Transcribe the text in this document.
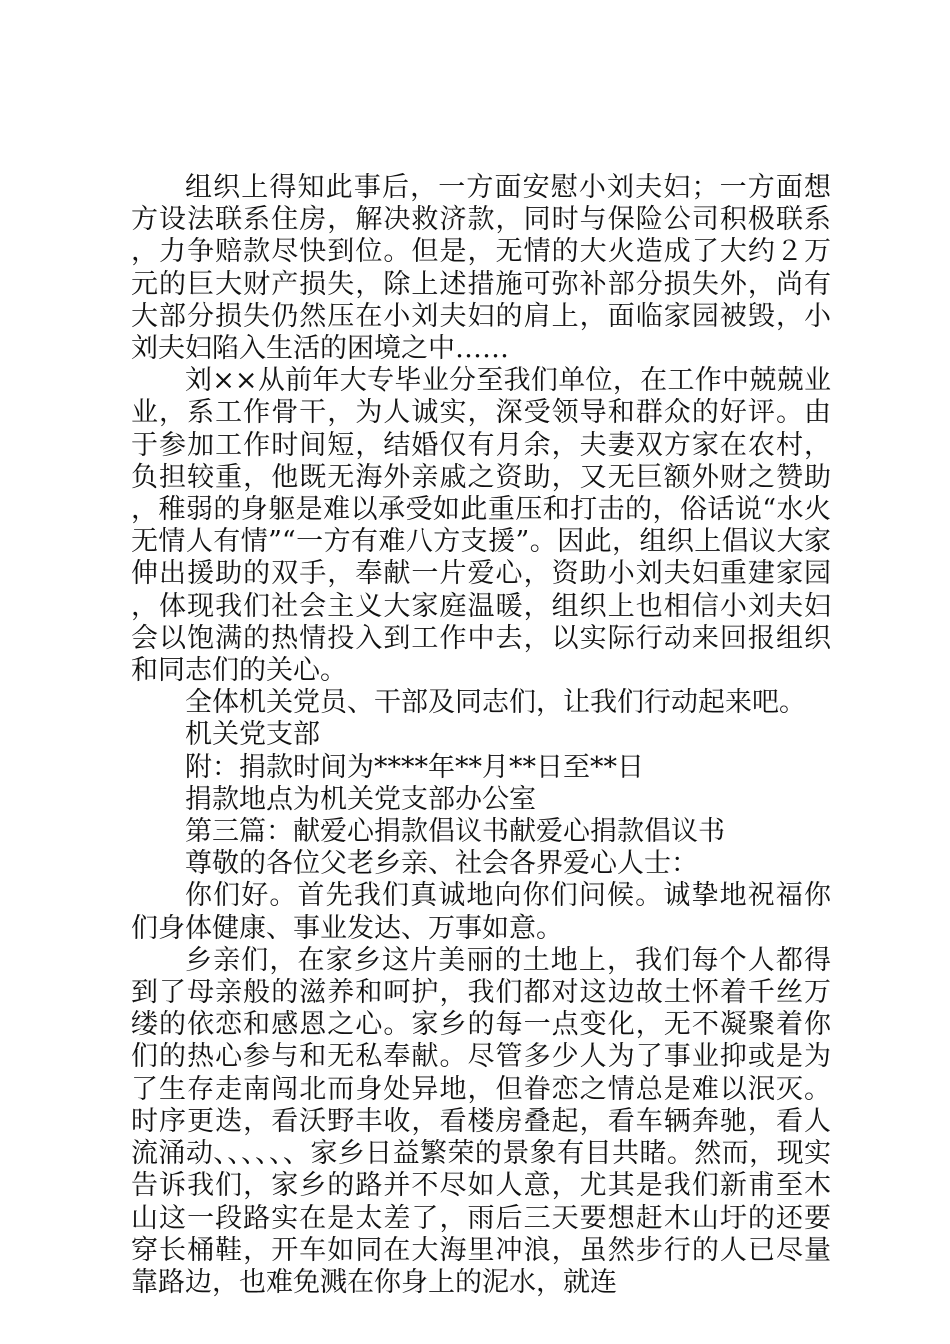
组织上得知此事后，一方面安慰小刘夫妇；一方面想方设法联系住房，解决救济款，同时与保险公司积极联系，力争赔款尽快到位。但是，无情的大火造成了大约２万元的巨大财产损失，除上述措施可弥补部分损失外，尚有大部分损失仍然压在小刘夫妇的肩上，面临家园被毁，小刘夫妇陷入生活的困境之中……

刘××从前年大专毕业分至我们单位，在工作中兢兢业业，系工作骨干，为人诚实，深受领导和群众的好评。由于参加工作时间短，结婚仅有月余，夫妻双方家在农村，负担较重，他既无海外亲戚之资助，又无巨额外财之赞助，稚弱的身躯是难以承受如此重压和打击的，俗话说“水火无情人有情”“一方有难八方支援”。因此，组织上倡议大家伸出援助的双手，奉献一片爱心，资助小刘夫妇重建家园，体现我们社会主义大家庭温暖，组织上也相信小刘夫妇会以饱满的热情投入到工作中去，以实际行动来回报组织和同志们的关心。

全体机关党员、干部及同志们，让我们行动起来吧。

机关党支部

附：捐款时间为****年**月**日至**日

捐款地点为机关党支部办公室

第三篇：献爱心捐款倡议书献爱心捐款倡议书

尊敬的各位父老乡亲、社会各界爱心人士：

你们好。首先我们真诚地向你们问候。诚挚地祝福你们身体健康、事业发达、万事如意。

乡亲们，在家乡这片美丽的土地上，我们每个人都得到了母亲般的滋养和呵护，我们都对这边故土怀着千丝万缕的依恋和感恩之心。家乡的每一点变化，无不凝聚着你们的热心参与和无私奉献。尽管多少人为了事业抑或是为了生存走南闯北而身处异地，但眷恋之情总是难以泯灭。时序更迭，看沃野丰收，看楼房叠起，看车辆奔驰，看人流涌动、、、、、、家乡日益繁荣的景象有目共睹。然而，现实告诉我们，家乡的路并不尽如人意，尤其是我们新甫至木山这一段路实在是太差了，雨后三天要想赶木山圩的还要穿长桶鞋，开车如同在大海里冲浪，虽然步行的人已尽量靠路边，也难免溅在你身上的泥水，就连
